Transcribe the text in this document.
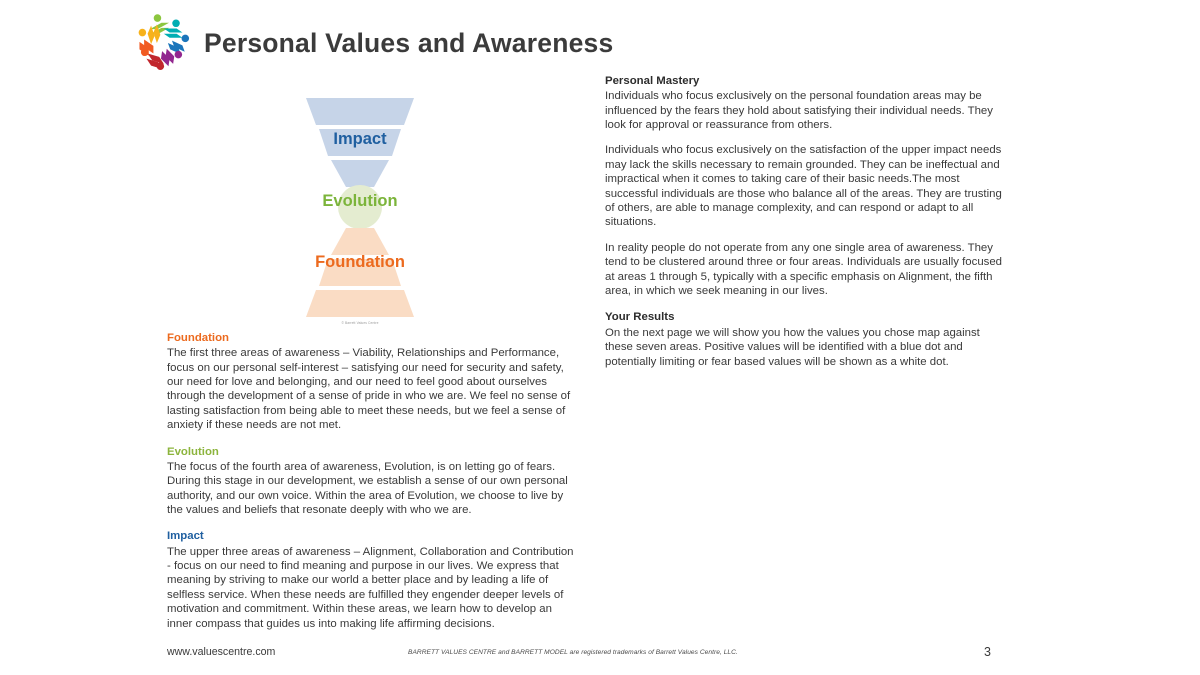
Personal Values and Awareness
Impact
Evolution
Foundation
© Barrett Values Centre
Foundation

The first three areas of awareness – Viability, Relationships and Performance, focus on our personal self-interest – satisfying our need for security and safety, our need for love and belonging, and our need to feel good about ourselves through the development of a sense of pride in who we are. We feel no sense of lasting satisfaction from being able to meet these needs, but we feel a sense of anxiety if these needs are not met.

Evolution

The focus of the fourth area of awareness, Evolution, is on letting go of fears. During this stage in our development, we establish a sense of our own personal authority, and our own voice. Within the area of Evolution, we choose to live by the values and beliefs that resonate deeply with who we are.

Impact

The upper three areas of awareness – Alignment, Collaboration and Contribution - focus on our need to find meaning and purpose in our lives. We express that meaning by striving to make our world a better place and by leading a life of selfless service. When these needs are fulfilled they engender deeper levels of motivation and commitment. Within these areas, we learn how to develop an inner compass that guides us into making life affirming decisions.

Personal Mastery

Individuals who focus exclusively on the personal foundation areas may be influenced by the fears they hold about satisfying their individual needs. They look for approval or reassurance from others.

Individuals who focus exclusively on the satisfaction of the upper impact needs may lack the skills necessary to remain grounded. They can be ineffectual and impractical when it comes to taking care of their basic needs.The most successful individuals are those who balance all of the areas. They are trusting of others, are able to manage complexity, and can respond or adapt to all situations.

In reality people do not operate from any one single area of awareness. They tend to be clustered around three or four areas. Individuals are usually focused at areas 1 through 5, typically with a specific emphasis on Alignment, the fifth area, in which we seek meaning in our lives.

Your Results

On the next page we will show you how the values you chose map against these seven areas. Positive values will be identified with a blue dot and potentially limiting or fear based values will be shown as a white dot.

www.valuescentre.com	BARRETT VALUES CENTRE and BARRETT MODEL are registered trademarks of Barrett Values Centre, LLC.	3
